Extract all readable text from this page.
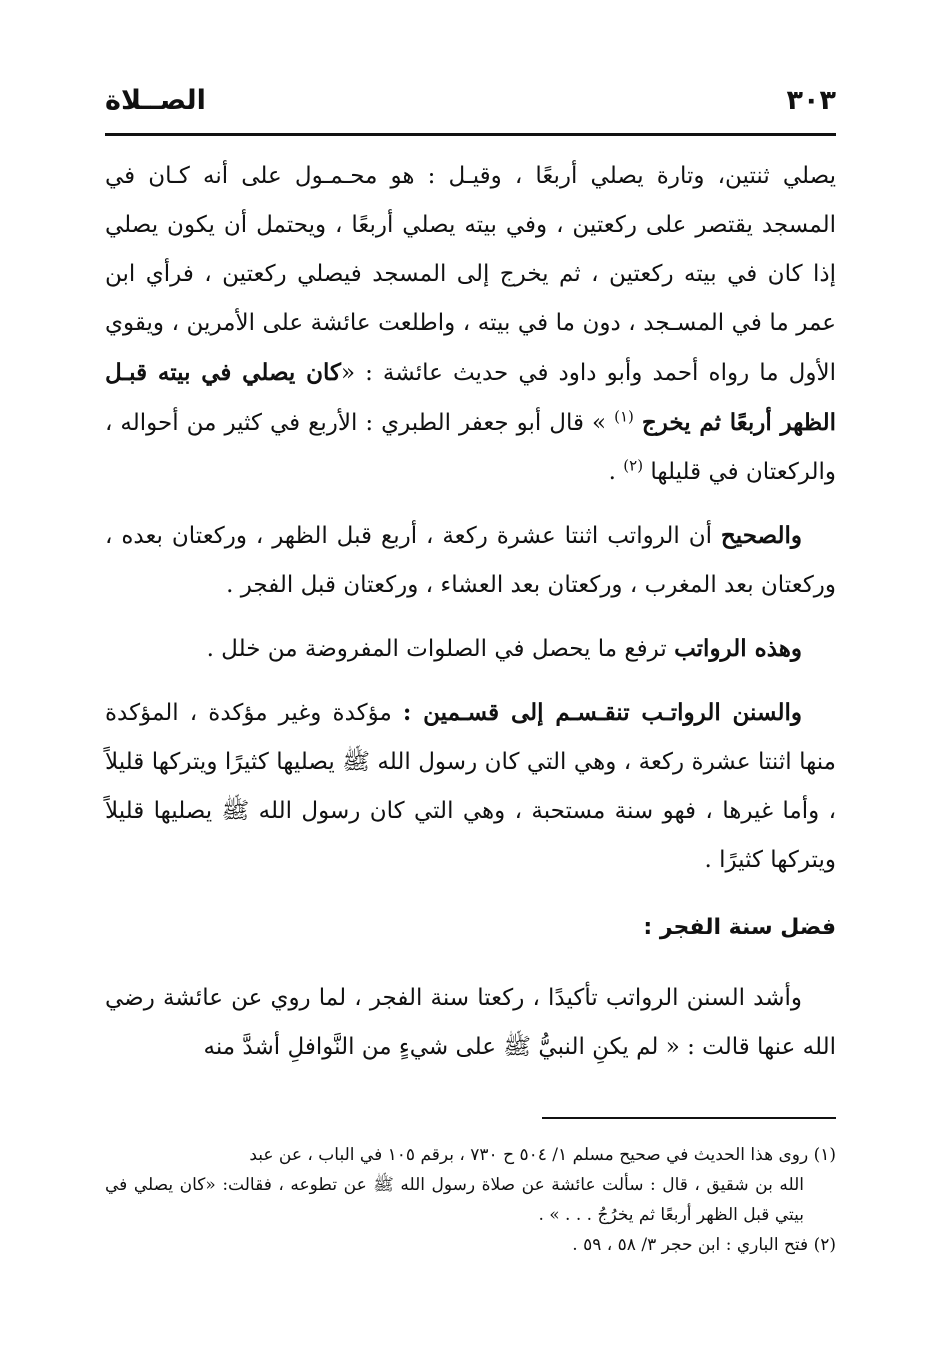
٣٠٣
الصــلاة

يصلي ثنتين، وتارة يصلي أربعًا ، وقيـل : هو محـمـول على أنه كـان في المسجد يقتصر على ركعتين ، وفي بيته يصلي أربعًا ، ويحتمل أن يكون يصلي إذا كان في بيته ركعتين ، ثم يخرج إلى المسجد فيصلي ركعتين ، فرأي ابن عمر ما في المسـجد ، دون ما في بيته ، واطلعت عائشة على الأمرين ، ويقوي الأول ما رواه أحمد وأبو داود في حديث عائشة : «كان يصلي في بيته قبـل الظهر أربعًا ثم يخرج $^{(١)}$ » قال أبو جعفر الطبري : الأربع في كثير من أحواله ، والركعتان في قليلها $^{(٢)}$ .

والصحيح أن الرواتب اثنتا عشرة ركعة ، أربع قبل الظهر ، وركعتان بعده ، وركعتان بعد المغرب ، وركعتان بعد العشاء ، وركعتان قبل الفجر .

وهذه الرواتب ترفع ما يحصل في الصلوات المفروضة من خلل .

والسنن الرواتـب تنقـسـم إلى قسـمين : مؤكدة وغير مؤكدة ، المؤكدة منها اثنتا عشرة ركعة ، وهي التي كان رسول الله ﷺ يصليها كثيرًا ويتركها قليلاً ، وأما غيرها ، فهو سنة مستحبة ، وهي التي كان رسول الله ﷺ يصليها قليلاً ويتركها كثيرًا .

فضل سنة الفجر :

وأشد السنن الرواتب تأكيدًا ، ركعتا سنة الفجر ، لما روي عن عائشة رضي الله عنها قالت : « لم يكنِ النبيُّ ﷺ على شيءٍ من النَّوافلِ أشدَّ منه

(١) روى هذا الحديث في صحيح مسلم ١/ ٥٠٤ ح ٧٣٠ ، برقم ١٠٥ في الباب ، عن عبد

الله بن شقيق ، قال : سألت عائشة عن صلاة رسول الله ﷺ عن تطوعه ، فقالت: «كان يصلي في بيتي قبل الظهر أربعًا ثم يخرُجُ . . . » .

(٢) فتح الباري : ابن حجر ٣/ ٥٨ ، ٥٩ .
